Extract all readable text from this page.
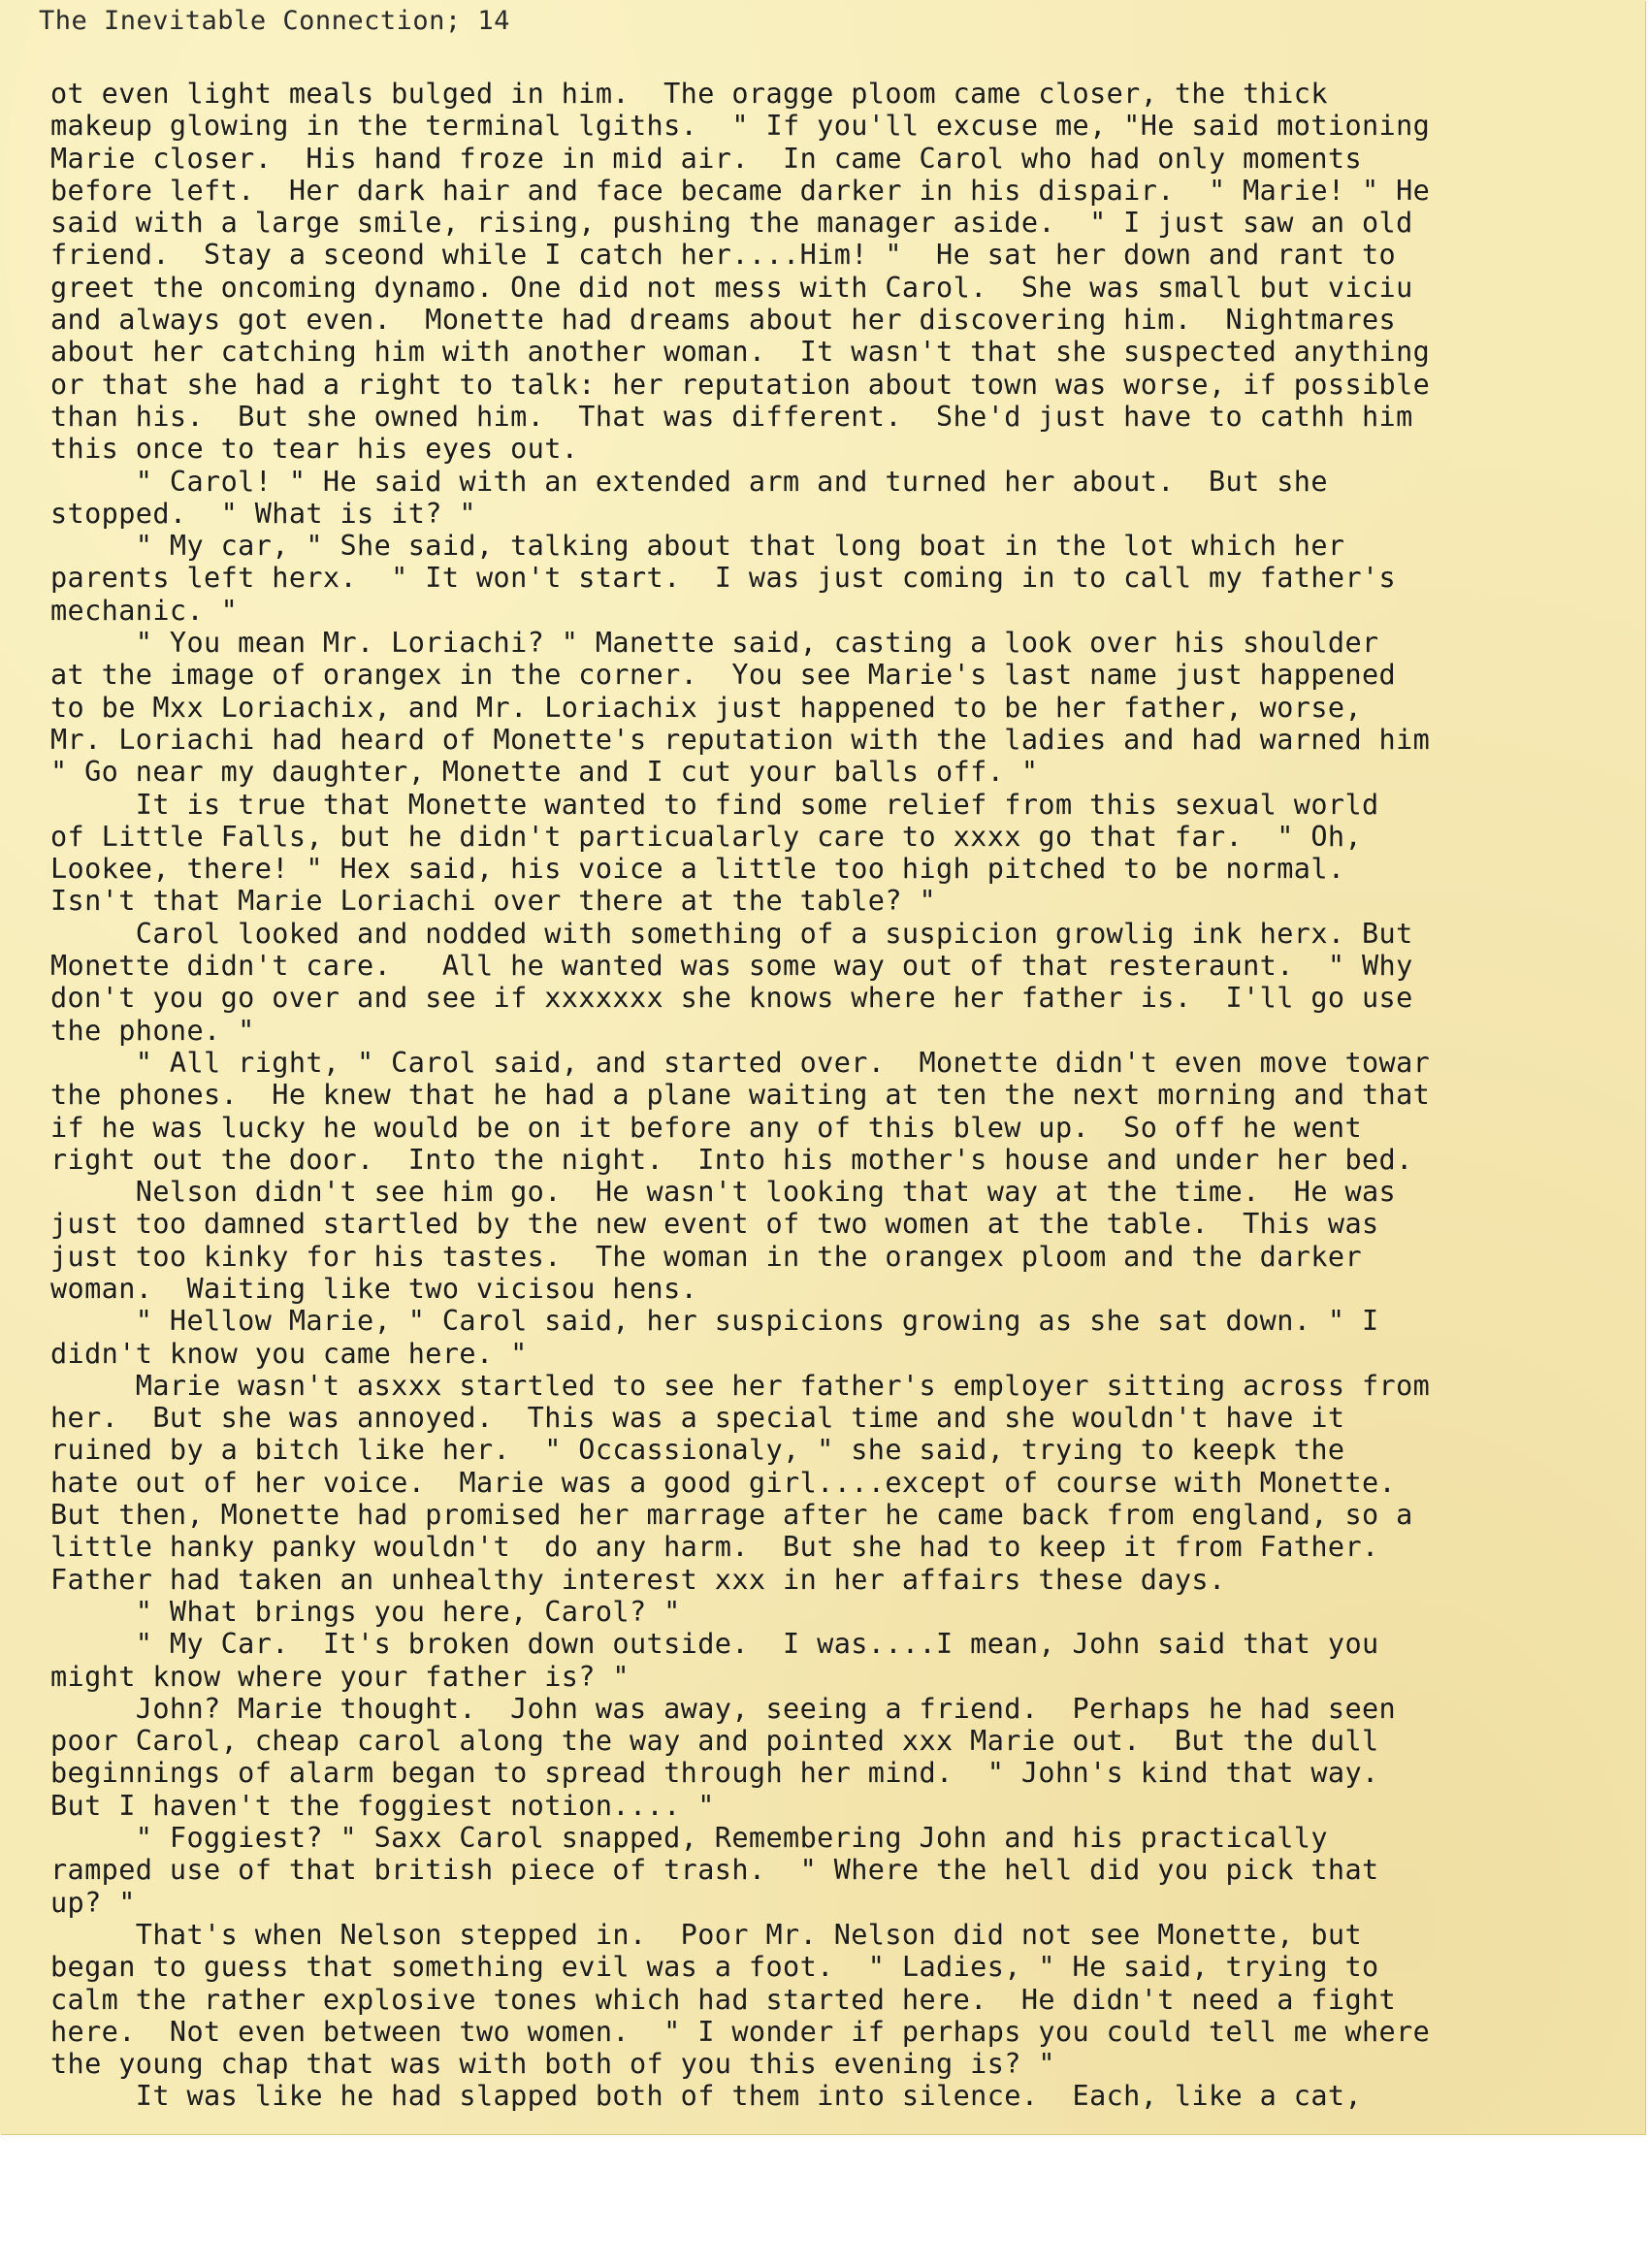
The Inevitable Connection; 14
ot even light meals bulged in him.  The oragge ploom came closer, the thick
makeup glowing in the terminal lgiths.  " If you'll excuse me, "He said motioning
Marie closer.  His hand froze in mid air.  In came Carol who had only moments
before left.  Her dark hair and face became darker in his dispair.  " Marie! " He
said with a large smile, rising, pushing the manager aside.  " I just saw an old
friend.  Stay a sceond while I catch her....Him! "  He sat her down and rant to
greet the oncoming dynamo. One did not mess with Carol.  She was small but viciu
and always got even.  Monette had dreams about her discovering him.  Nightmares
about her catching him with another woman.  It wasn't that she suspected anything
or that she had a right to talk: her reputation about town was worse, if possible
than his.  But she owned him.  That was different.  She'd just have to cathh him
this once to tear his eyes out.
" Carol! " He said with an extended arm and turned her about.  But she
stopped.  " What is it? "
" My car, " She said, talking about that long boat in the lot which her
parents left herx.  " It won't start.  I was just coming in to call my father's
mechanic. "
" You mean Mr. Loriachi? " Manette said, casting a look over his shoulder
at the image of orangex in the corner.  You see Marie's last name just happened
to be Mxx Loriachix, and Mr. Loriachix just happened to be her father, worse,
Mr. Loriachi had heard of Monette's reputation with the ladies and had warned him
" Go near my daughter, Monette and I cut your balls off. "
It is true that Monette wanted to find some relief from this sexual world
of Little Falls, but he didn't particualarly care to xxxx go that far.  " Oh,
Lookee, there! " Hex said, his voice a little too high pitched to be normal.
Isn't that Marie Loriachi over there at the table? "
Carol looked and nodded with something of a suspicion growlig ink herx. But
Monette didn't care.   All he wanted was some way out of that resteraunt.  " Why
don't you go over and see if xxxxxxx she knows where her father is.  I'll go use
the phone. "
" All right, " Carol said, and started over.  Monette didn't even move towar
the phones.  He knew that he had a plane waiting at ten the next morning and that
if he was lucky he would be on it before any of this blew up.  So off he went
right out the door.  Into the night.  Into his mother's house and under her bed.
Nelson didn't see him go.  He wasn't looking that way at the time.  He was
just too damned startled by the new event of two women at the table.  This was
just too kinky for his tastes.  The woman in the orangex ploom and the darker
woman.  Waiting like two vicisou hens.
" Hellow Marie, " Carol said, her suspicions growing as she sat down. " I
didn't know you came here. "
Marie wasn't asxxx startled to see her father's employer sitting across from
her.  But she was annoyed.  This was a special time and she wouldn't have it
ruined by a bitch like her.  " Occassionaly, " she said, trying to keepk the
hate out of her voice.  Marie was a good girl....except of course with Monette.
But then, Monette had promised her marrage after he came back from england, so a
little hanky panky wouldn't  do any harm.  But she had to keep it from Father.
Father had taken an unhealthy interest xxx in her affairs these days.
" What brings you here, Carol? "
" My Car.  It's broken down outside.  I was....I mean, John said that you
might know where your father is? "
John? Marie thought.  John was away, seeing a friend.  Perhaps he had seen
poor Carol, cheap carol along the way and pointed xxx Marie out.  But the dull
beginnings of alarm began to spread through her mind.  " John's kind that way.
But I haven't the foggiest notion.... "
" Foggiest? " Saxx Carol snapped, Remembering John and his practically
ramped use of that british piece of trash.  " Where the hell did you pick that
up? "
That's when Nelson stepped in.  Poor Mr. Nelson did not see Monette, but
began to guess that something evil was a foot.  " Ladies, " He said, trying to
calm the rather explosive tones which had started here.  He didn't need a fight
here.  Not even between two women.  " I wonder if perhaps you could tell me where
the young chap that was with both of you this evening is? "
It was like he had slapped both of them into silence.  Each, like a cat,
